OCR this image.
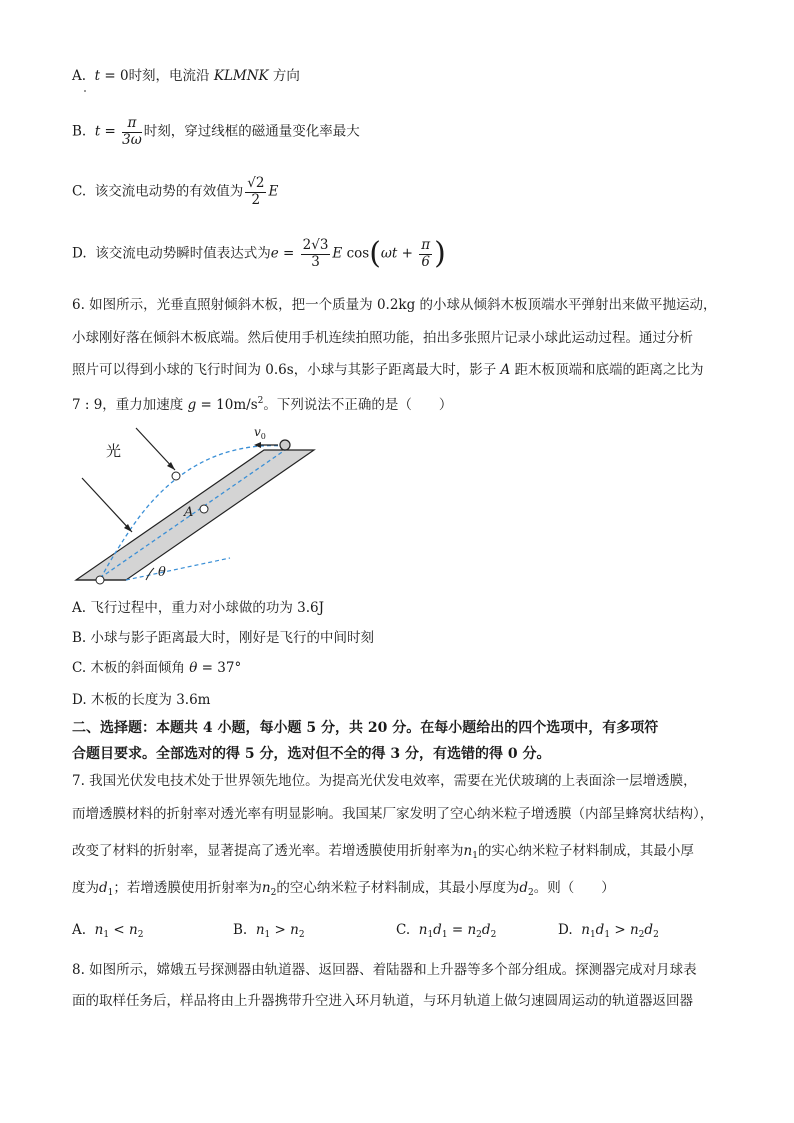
A. t = 0时刻，电流沿 KLMNK 方向
B. $t = \frac{\pi}{3\omega}$ 时刻，穿过线框的磁通量变化率最大
C. 该交流电动势的有效值为 $\frac{√2}{2}$ E
D. 该交流电动势瞬时值表达式为$e = \frac{2√3}{3}$ E $\cos(\omega t + \frac{\pi}{6}$ )
6. 如图所示，光垂直照射倾斜木板，把一个质量为 0.2kg 的小球从倾斜木板顶端水平弹射出来做平抛运动，
小球刚好落在倾斜木板底端。然后使用手机连续拍照功能，拍出多张照片记录小球此运动过程。通过分析
照片可以得到小球的飞行时间为 0.6s，小球与其影子距离最大时，影子 A 距木板顶端和底端的距离之比为
7 : 9，重力加速度 $g = 10m/s^2$。下列说法不正确的是（　　）
光
$v_0$
A
θ
A. 飞行过程中，重力对小球做的功为 3.6J
B. 小球与影子距离最大时，刚好是飞行的中间时刻
C. 木板的斜面倾角 θ = 37°
D. 木板的长度为 3.6m
二、选择题：本题共 4 小题，每小题 5 分，共 20 分。在每小题给出的四个选项中，有多项符
合题目要求。全部选对的得 5 分，选对但不全的得 3 分，有选错的得 0 分。
7. 我国光伏发电技术处于世界领先地位。为提高光伏发电效率，需要在光伏玻璃的上表面涂一层增透膜，
而增透膜材料的折射率对透光率有明显影响。我国某厂家发明了空心纳米粒子增透膜（内部呈蜂窝状结构），
改变了材料的折射率，显著提高了透光率。若增透膜使用折射率为$n_1$的实心纳米粒子材料制成，其最小厚
度为$d_1$；若增透膜使用折射率为$n_2$的空心纳米粒子材料制成，其最小厚度为$d_2$。则（　　）
A. $n_1 < n_2$	B. $n_1 > n_2$	C. $n_1d_1 = n_2d_2$	D. $n_1d_1 > n_2d_2$
8. 如图所示，嫦娥五号探测器由轨道器、返回器、着陆器和上升器等多个部分组成。探测器完成对月球表
面的取样任务后，样品将由上升器携带升空进入环月轨道，与环月轨道上做匀速圆周运动的轨道器返回器
